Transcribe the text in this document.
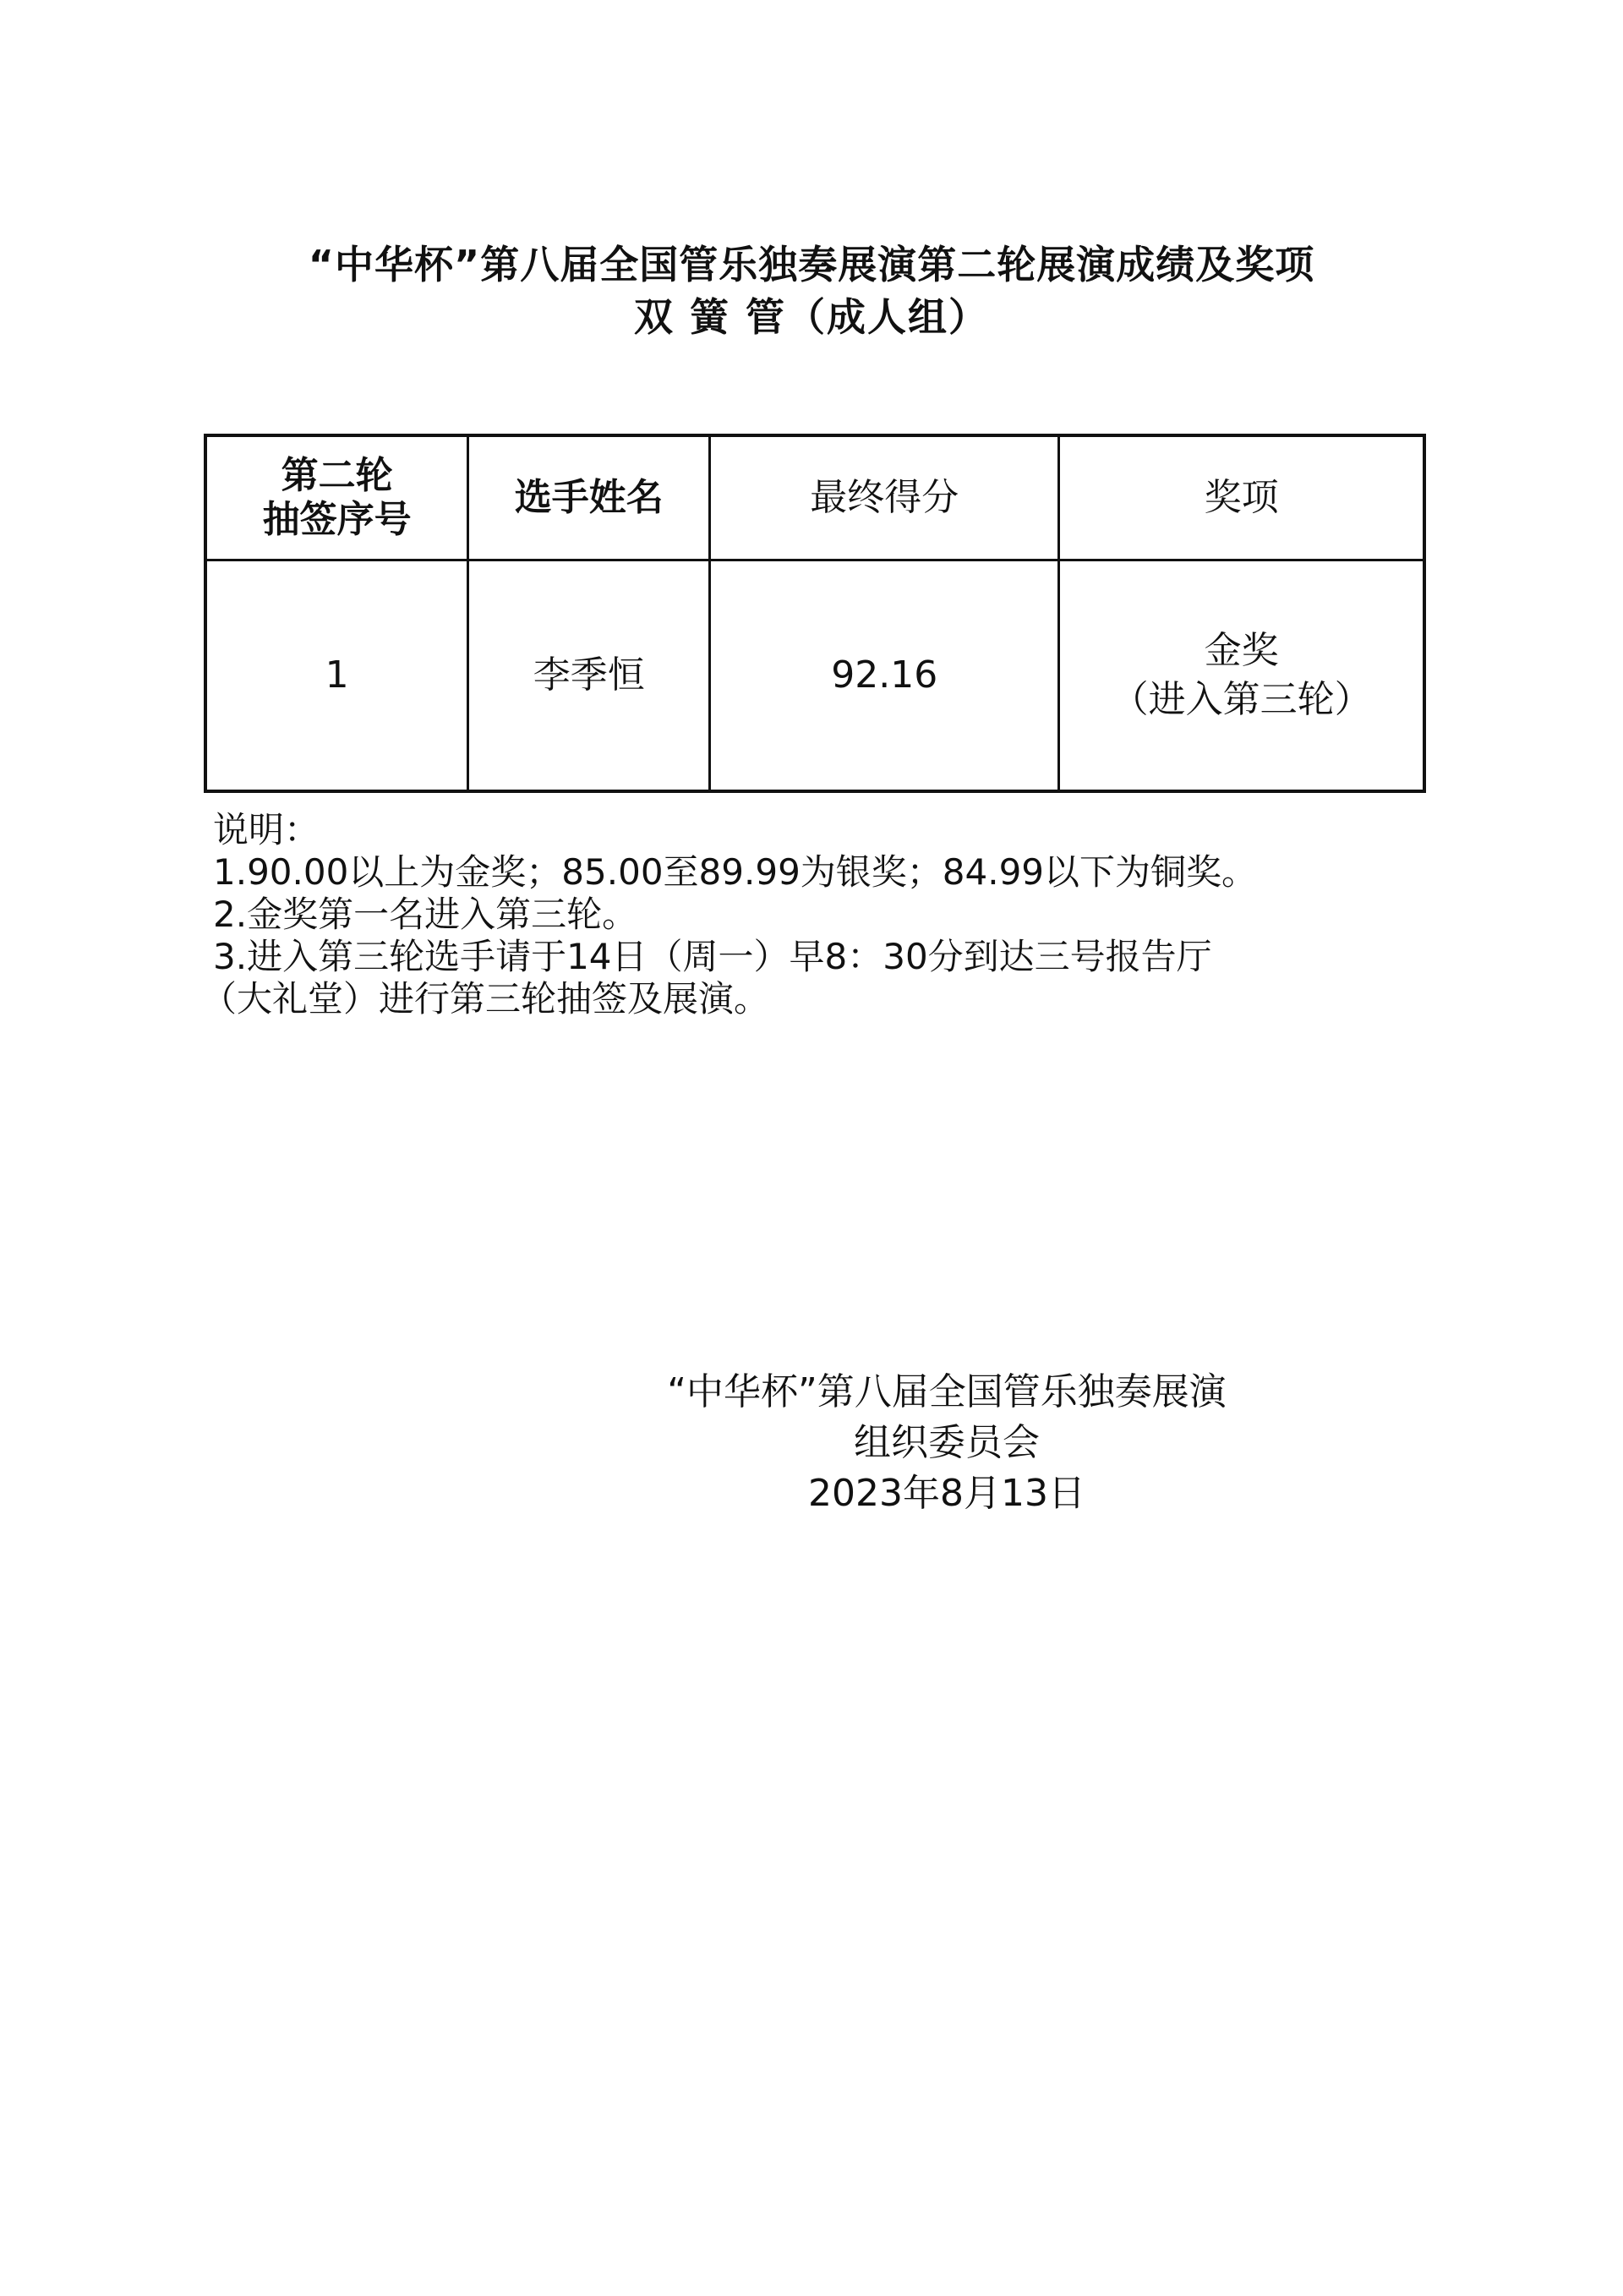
“中华杯”第八届全国管乐独奏展演第二轮展演成绩及奖项
双 簧 管（成人组）
第二轮
抽签序号	选手姓名	最终得分	奖项
1	李季恒	92.16	金奖
（进入第三轮）
说明：
1.90.00以上为金奖；85.00至89.99为银奖；84.99以下为铜奖。
2.金奖第一名进入第三轮。
3.进入第三轮选手请于14日（周一）早8：30分到达三号报告厅
（大礼堂）进行第三轮抽签及展演。
“中华杯”第八届全国管乐独奏展演
组织委员会
2023年8月13日
